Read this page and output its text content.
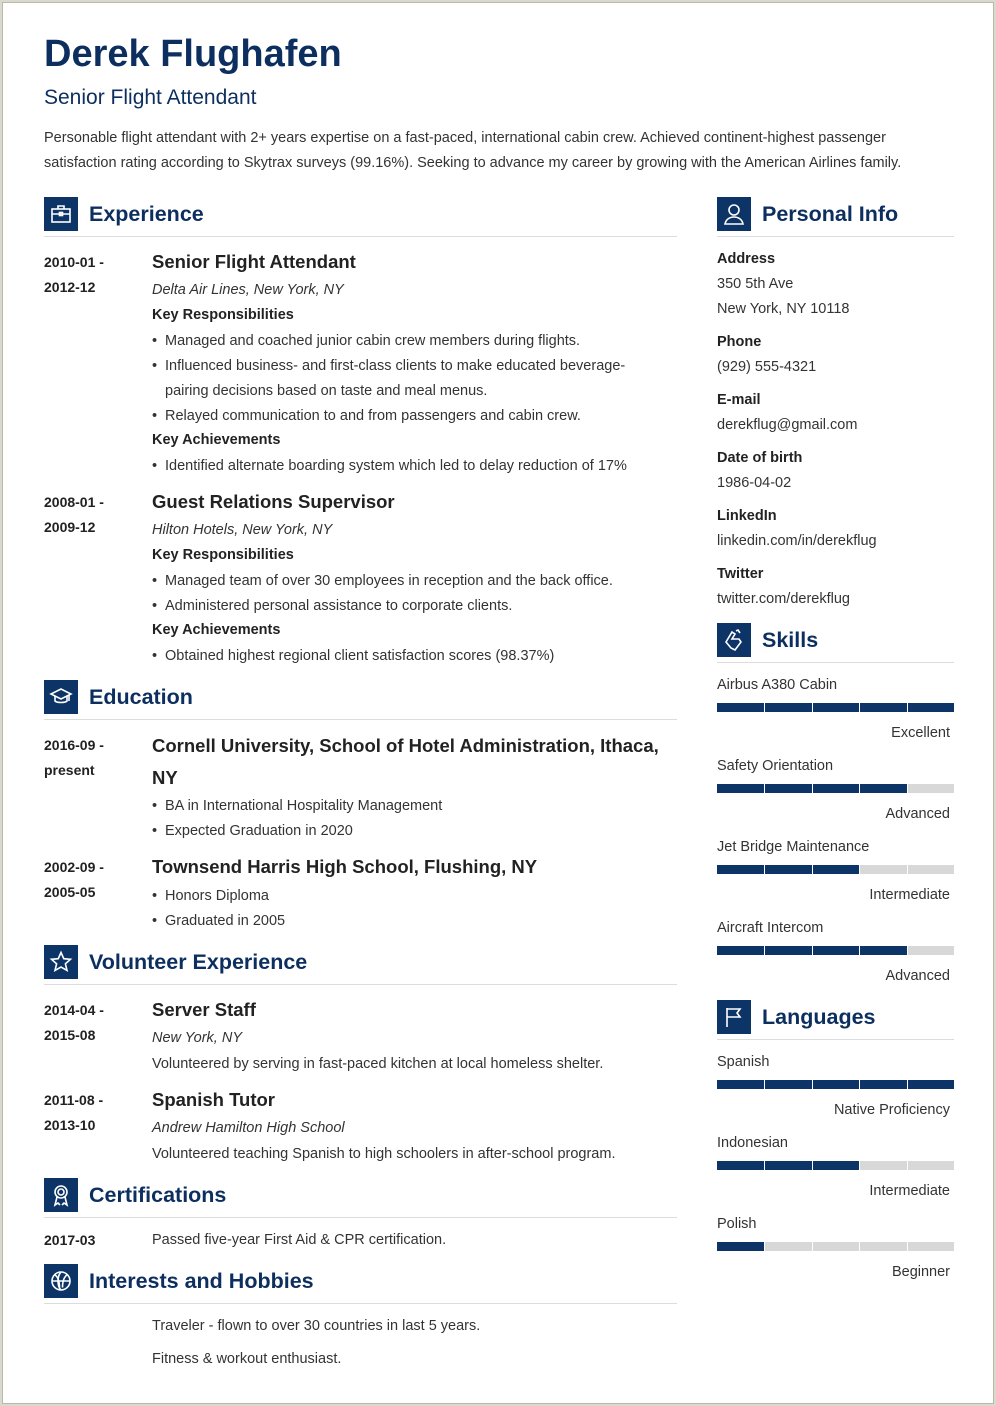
Derek Flughafen
Senior Flight Attendant
Personable flight attendant with 2+ years expertise on a fast-paced, international cabin crew. Achieved continent-highest passenger satisfaction rating according to Skytrax surveys (99.16%). Seeking to advance my career by growing with the American Airlines family.
Experience
2010-01 -
2012-12
Senior Flight Attendant
Delta Air Lines, New York, NY
Key Responsibilities
• Managed and coached junior cabin crew members during flights.
• Influenced business- and first-class clients to make educated beverage-pairing decisions based on taste and meal menus.
• Relayed communication to and from passengers and cabin crew.
Key Achievements
• Identified alternate boarding system which led to delay reduction of 17%
2008-01 -
2009-12
Guest Relations Supervisor
Hilton Hotels, New York, NY
Key Responsibilities
• Managed team of over 30 employees in reception and the back office.
• Administered personal assistance to corporate clients.
Key Achievements
• Obtained highest regional client satisfaction scores (98.37%)
Education
2016-09 -
present
Cornell University, School of Hotel Administration, Ithaca, NY
• BA in International Hospitality Management
• Expected Graduation in 2020
2002-09 -
2005-05
Townsend Harris High School, Flushing, NY
• Honors Diploma
• Graduated in 2005
Volunteer Experience
2014-04 -
2015-08
Server Staff
New York, NY
Volunteered by serving in fast-paced kitchen at local homeless shelter.
2011-08 -
2013-10
Spanish Tutor
Andrew Hamilton High School
Volunteered teaching Spanish to high schoolers in after-school program.
Certifications
2017-03	Passed five-year First Aid & CPR certification.
Interests and Hobbies
Traveler - flown to over 30 countries in last 5 years.
Fitness & workout enthusiast.
Personal Info
Address
350 5th Ave
New York, NY 10118
Phone
(929) 555-4321
E-mail
derekflug@gmail.com
Date of birth
1986-04-02
LinkedIn
linkedin.com/in/derekflug
Twitter
twitter.com/derekflug
Skills
Languages
Airbus A380 Cabin
Excellent
Safety Orientation
Advanced
Jet Bridge Maintenance
Intermediate
Aircraft Intercom
Advanced
Spanish
Native Proficiency
Indonesian
Intermediate
Polish
Beginner
